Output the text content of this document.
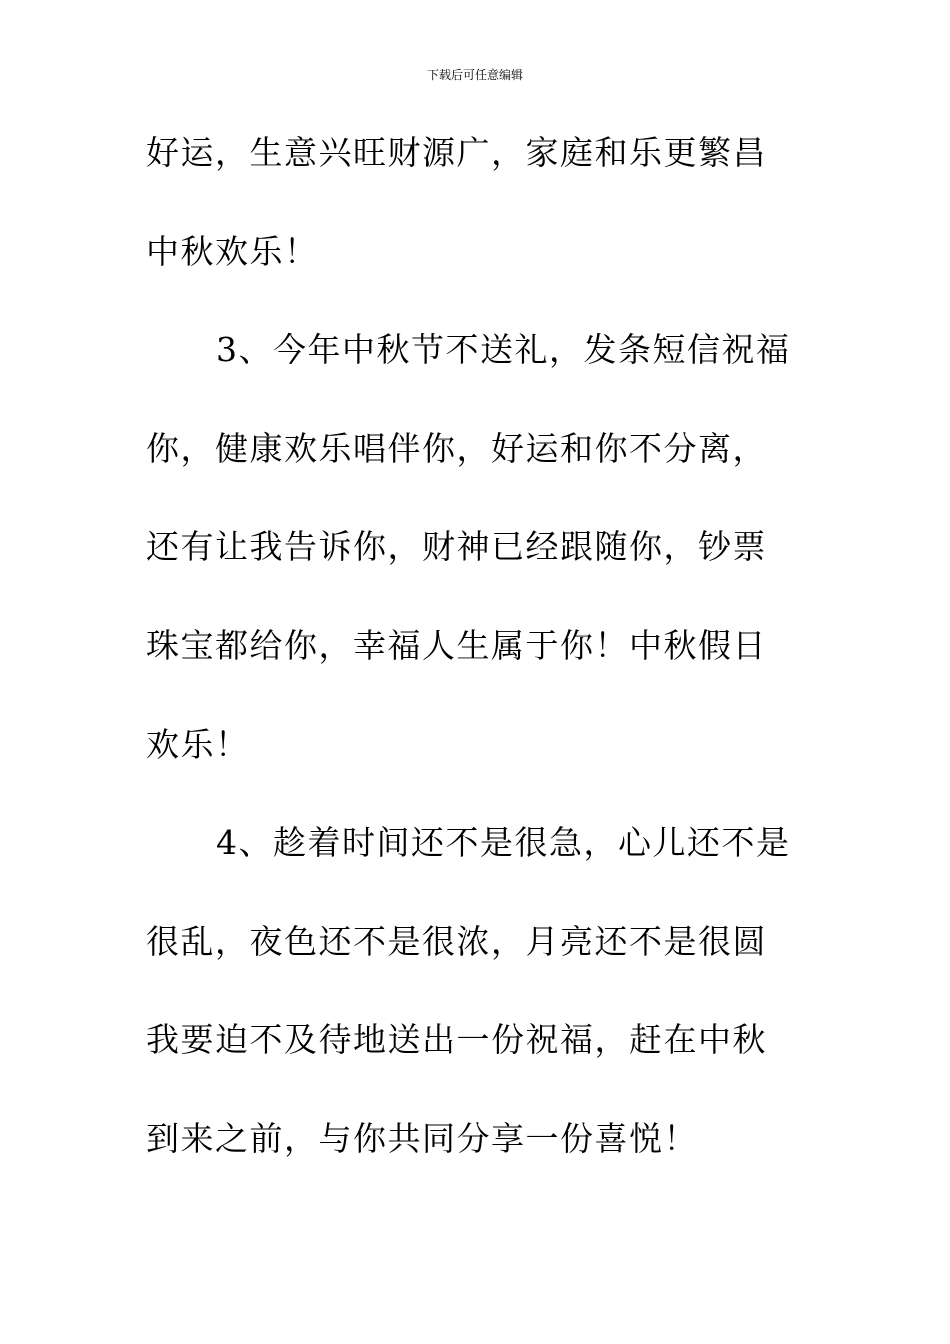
下载后可任意编辑
好运，生意兴旺财源广，家庭和乐更繁昌
中秋欢乐！
3、今年中秋节不送礼，发条短信祝福
你，健康欢乐唱伴你，好运和你不分离，
还有让我告诉你，财神已经跟随你，钞票
珠宝都给你，幸福人生属于你！中秋假日
欢乐！
4、趁着时间还不是很急，心儿还不是
很乱，夜色还不是很浓，月亮还不是很圆
我要迫不及待地送出一份祝福，赶在中秋
到来之前，与你共同分享一份喜悦！
